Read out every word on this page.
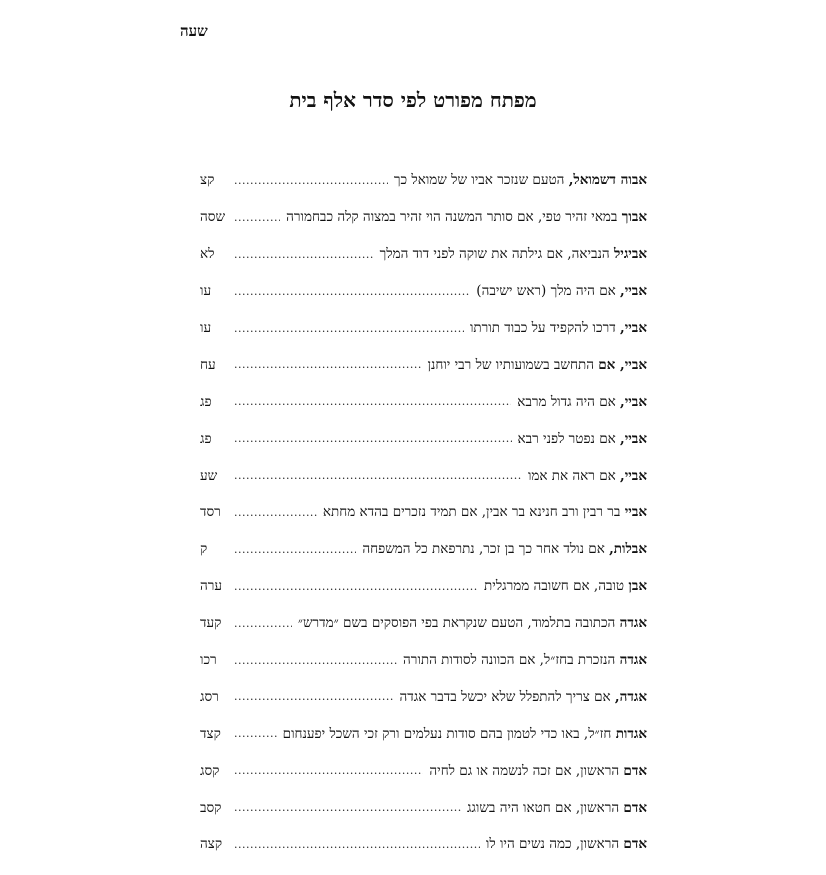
שעה
מפתח מפורט לפי סדר אלף בית
אבוה דשמואל, הטעם שנזכר אביו של שמואל כך
.....
קצ
אבוך במאי זהיר טפי, אם סותר המשנה הוי זהיר במצוה קלה כבחמורה
.....
שסה
אביגיל הנביאה, אם גילתה את שוקה לפני דוד המלך
.....
לא
אביי, אם היה מלך (ראש ישיבה)
.....
עו
אביי, דרכו להקפיד על כבוד תורתו
.....
עו
אביי, אם התחשב בשמועותיו של רבי יוחנן
.....
עח
אביי, אם היה גדול מרבא
.....
פג
אביי, אם נפטר לפני רבא
.....
פג
אביי, אם ראה את אמו
.....
שע
אביי בר רבין ורב חנינא בר אבין, אם תמיד נזכרים בהדא מחתא
.....
רסד
אבלות, אם נולד אחר כך בן זכר, נתרפאת כל המשפחה
.....
ק
אבן טובה, אם חשובה ממרגלית
.....
ערה
אגדה הכתובה בתלמוד, הטעם שנקראת בפי הפוסקים בשם ״מדרש״
.....
קעד
אגדה הנזכרת בחז״ל, אם הכוונה לסודות התורה
.....
רכו
אגדה, אם צריך להתפלל שלא יכשל בדבר אגדה
.....
רסג
אגדות חז״ל, באו כדי לטמון בהם סודות נעלמים ורק זכי השכל יפענחום
.....
קצד
אדם הראשון, אם זכה לנשמה או גם לחיה
.....
קסג
אדם הראשון, אם חטאו היה בשוגג
.....
קסב
אדם הראשון, כמה נשים היו לו
.....
קצה
